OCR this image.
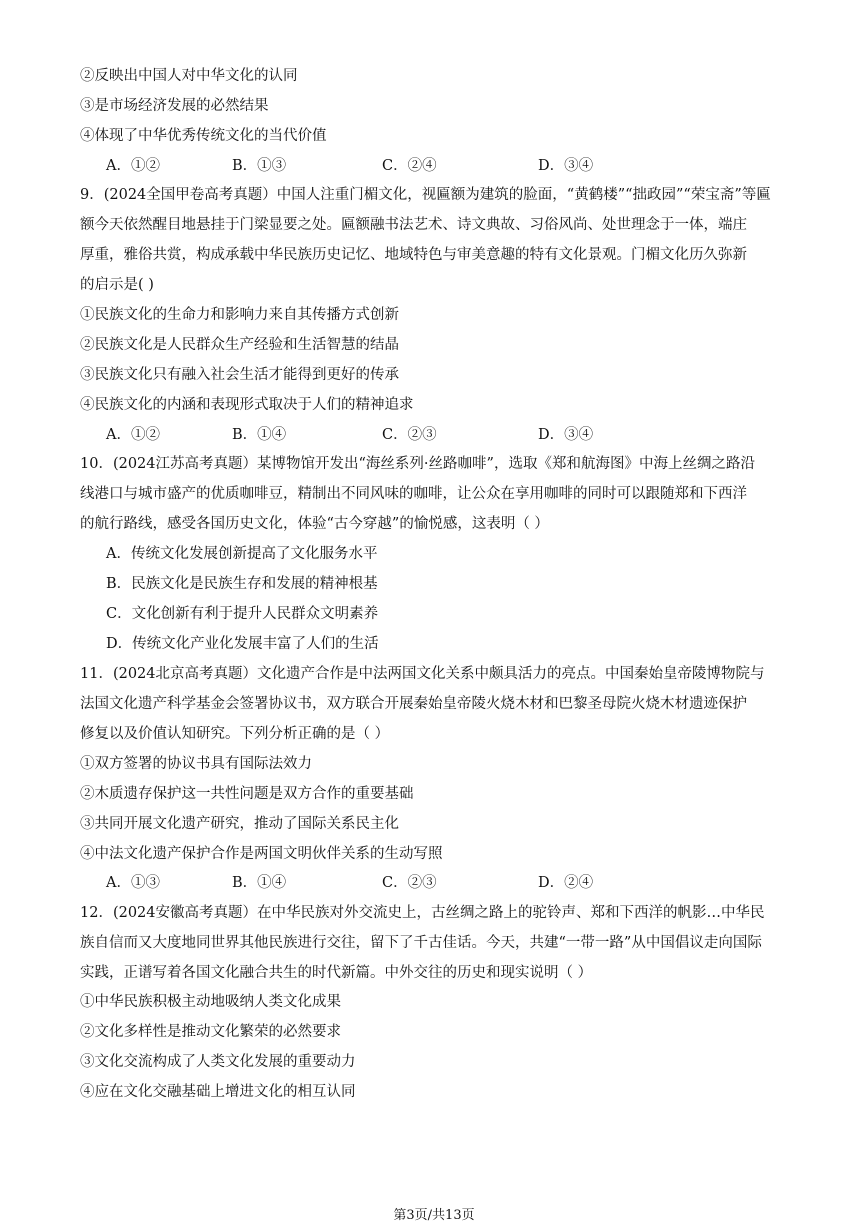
②反映出中国人对中华文化的认同
③是市场经济发展的必然结果
④体现了中华优秀传统文化的当代价值
A．①②	B．①③	C．②④	D．③④
9．(2024全国甲卷高考真题）中国人注重门楣文化，视匾额为建筑的脸面，“黄鹤楼”“拙政园”“荣宝斋”等匾
额今天依然醒目地悬挂于门梁显要之处。匾额融书法艺术、诗文典故、习俗风尚、处世理念于一体，端庄
厚重，雅俗共赏，构成承载中华民族历史记忆、地域特色与审美意趣的特有文化景观。门楣文化历久弥新
的启示是( )
①民族文化的生命力和影响力来自其传播方式创新
②民族文化是人民群众生产经验和生活智慧的结晶
③民族文化只有融入社会生活才能得到更好的传承
④民族文化的内涵和表现形式取决于人们的精神追求
A．①②	B．①④	C．②③	D．③④
10．(2024江苏高考真题）某博物馆开发出“海丝系列·丝路咖啡”，选取《郑和航海图》中海上丝绸之路沿
线港口与城市盛产的优质咖啡豆，精制出不同风味的咖啡，让公众在享用咖啡的同时可以跟随郑和下西洋
的航行路线，感受各国历史文化，体验“古今穿越”的愉悦感，这表明（ ）
A．传统文化发展创新提高了文化服务水平
B．民族文化是民族生存和发展的精神根基
C．文化创新有利于提升人民群众文明素养
D．传统文化产业化发展丰富了人们的生活
11．(2024北京高考真题）文化遗产合作是中法两国文化关系中颇具活力的亮点。中国秦始皇帝陵博物院与
法国文化遗产科学基金会签署协议书，双方联合开展秦始皇帝陵火烧木材和巴黎圣母院火烧木材遗迹保护
修复以及价值认知研究。下列分析正确的是（ ）
①双方签署的协议书具有国际法效力
②木质遗存保护这一共性问题是双方合作的重要基础
③共同开展文化遗产研究，推动了国际关系民主化
④中法文化遗产保护合作是两国文明伙伴关系的生动写照
A．①③	B．①④	C．②③	D．②④
12．(2024安徽高考真题）在中华民族对外交流史上，古丝绸之路上的驼铃声、郑和下西洋的帆影…中华民
族自信而又大度地同世界其他民族进行交往，留下了千古佳话。今天，共建“一带一路”从中国倡议走向国际
实践，正谱写着各国文化融合共生的时代新篇。中外交往的历史和现实说明（ ）
①中华民族积极主动地吸纳人类文化成果
②文化多样性是推动文化繁荣的必然要求
③文化交流构成了人类文化发展的重要动力
④应在文化交融基础上增进文化的相互认同
第3页/共13页
